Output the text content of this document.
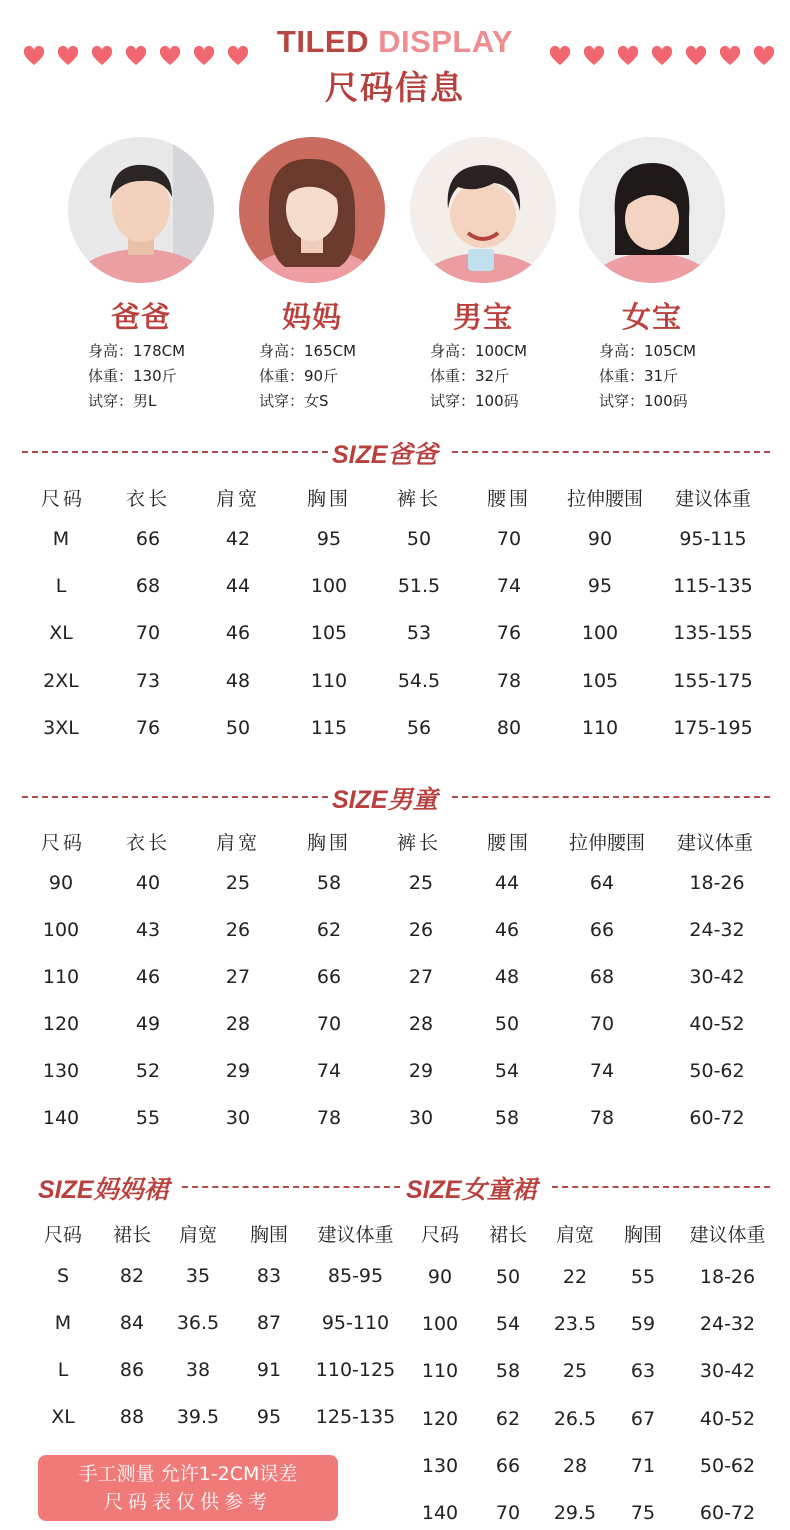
TILED DISPLAY
尺码信息
爸爸
身高：178CM
体重：130斤
试穿：男L
妈妈
身高：165CM
体重：90斤
试穿：女S
男宝
身高：100CM
体重：32斤
试穿：100码
女宝
身高：105CM
体重：31斤
试穿：100码
SIZE爸爸
尺码	衣长	肩宽	胸围	裤长	腰围	拉伸腰围	建议体重
M	66	42	95	50	70	90	95-115
L	68	44	100	51.5	74	95	115-135
XL	70	46	105	53	76	100	135-155
2XL	73	48	110	54.5	78	105	155-175
3XL	76	50	115	56	80	110	175-195
SIZE男童
尺码	衣长	肩宽	胸围	裤长	腰围	拉伸腰围	建议体重
90	40	25	58	25	44	64	18-26
100	43	26	62	26	46	66	24-32
110	46	27	66	27	48	68	30-42
120	49	28	70	28	50	70	40-52
130	52	29	74	29	54	74	50-62
140	55	30	78	30	58	78	60-72
SIZE妈妈裙	SIZE女童裙
尺码	裙长	肩宽	胸围	建议体重
S	82	35	83	85-95
M	84	36.5	87	95-110
L	86	38	91	110-125
XL	88	39.5	95	125-135
尺码	裙长	肩宽	胸围	建议体重
90	50	22	55	18-26
100	54	23.5	59	24-32
110	58	25	63	30-42
120	62	26.5	67	40-52
130	66	28	71	50-62
140	70	29.5	75	60-72
手工测量 允许1-2CM误差
尺码表仅供参考
